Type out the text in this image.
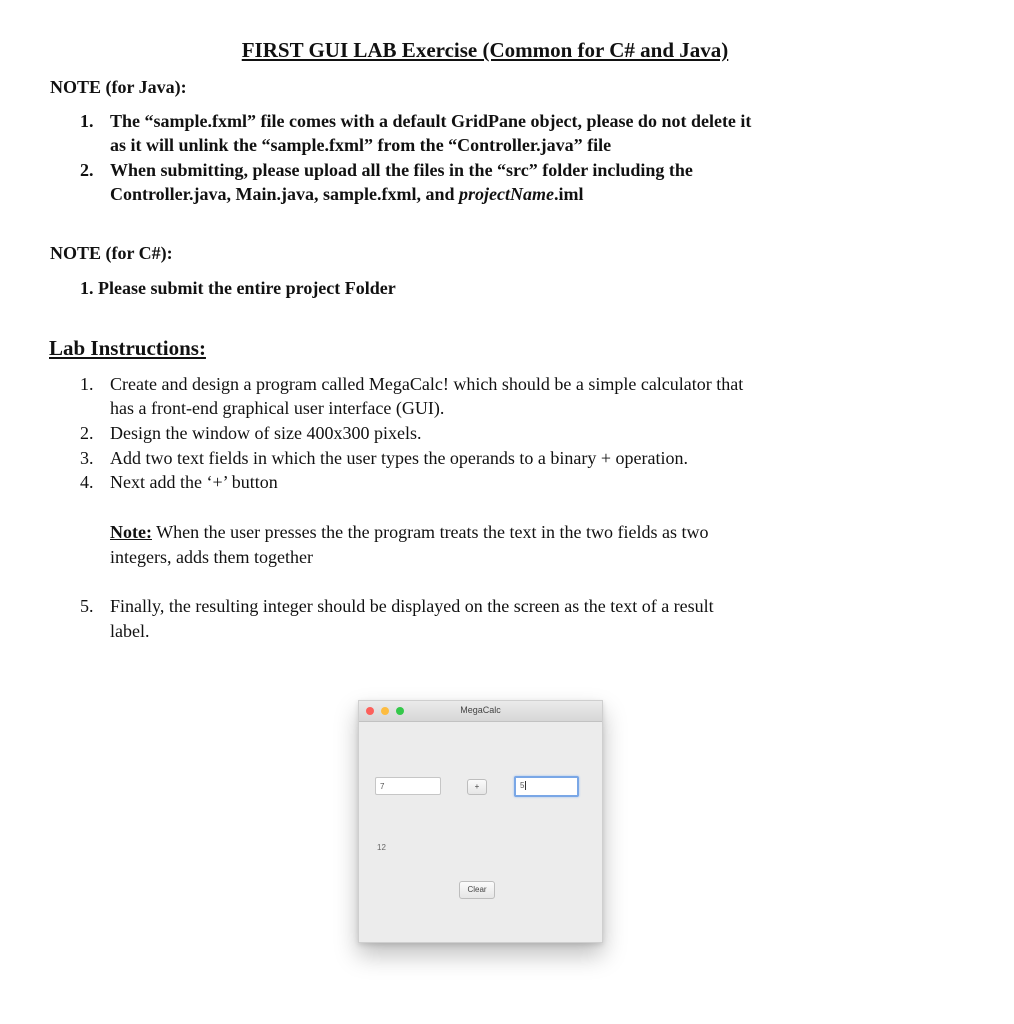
FIRST GUI LAB Exercise (Common for C# and Java)
NOTE (for Java):
1. The “sample.fxml” file comes with a default GridPane object, please do not delete it
as it will unlink the “sample.fxml” from the “Controller.java” file
2. When submitting, please upload all the files in the “src” folder including the
Controller.java, Main.java, sample.fxml, and projectName.iml
NOTE (for C#):
1. Please submit the entire project Folder
Lab Instructions:
1. Create and design a program called MegaCalc! which should be a simple calculator that
has a front-end graphical user interface (GUI).
2. Design the window of size 400x300 pixels.
3. Add two text fields in which the user types the operands to a binary + operation.
4. Next add the ‘+’ button
Note: When the user presses the the program treats the text in the two fields as two
integers, adds them together
5. Finally, the resulting integer should be displayed on the screen as the text of a result
label.
MegaCalc
7	+	5
12
Clear
